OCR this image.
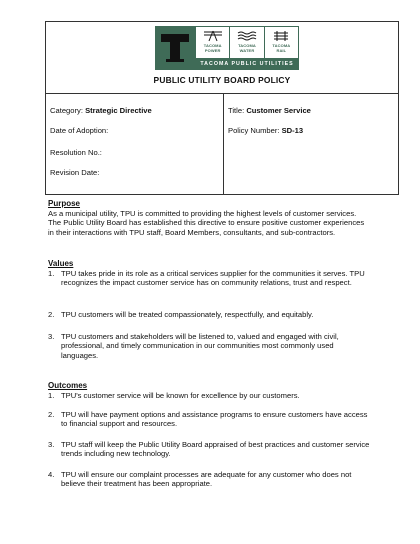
TACOMA
POWER
TACOMA
WATER
TACOMA
RAIL
TACOMA PUBLIC UTILITIES
PUBLIC UTILITY BOARD POLICY
Category: Strategic Directive	Title: Customer Service
Date of Adoption:	Policy Number: SD-13
Resolution No.:
Revision Date:
Purpose
As a municipal utility, TPU is committed to providing the highest levels of customer services. The Public Utility Board has established this directive to ensure positive customer experiences in their interactions with TPU staff, Board Members, consultants, and sub-contractors.
Values
1. TPU takes pride in its role as a critical services supplier for the communities it serves. TPU recognizes the impact customer service has on community relations, trust and respect.
2. TPU customers will be treated compassionately, respectfully, and equitably.
3. TPU customers and stakeholders will be listened to, valued and engaged with civil, professional, and timely communication in our communities most commonly used languages.
Outcomes
1. TPU's customer service will be known for excellence by our customers.
2. TPU will have payment options and assistance programs to ensure customers have access to financial support and resources.
3. TPU staff will keep the Public Utility Board appraised of best practices and customer service trends including new technology.
4. TPU will ensure our complaint processes are adequate for any customer who does not believe their treatment has been appropriate.
